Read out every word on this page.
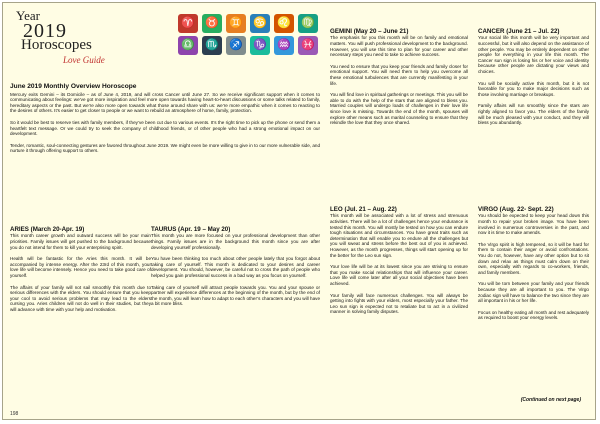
Year
2019
Horoscopes
Love Guide
♈ ♉ ♊ ♋ ♌ ♍
♎ ♏ ♐ ♑ ♒ ♓

June 2019 Monthly Overview Horoscope

Mercury exits Gemini – its Domicile – as of June 4, 2019, and will cross Cancer until June 27. So we receive significant support when it comes to communicating about feelings: we’ve got more inspiration and feel more open towards having heart-to-heart discussions or some talks related to family, hereditary aspects or the past. But we’re also more open towards what those around share with us: we’re more empathic when it comes to reacting to the desires of others. It’s easier to get closer to people or we want to rebuild an atmosphere of home, family, protection.

So it would be best to reserve ties with family members, if they’ve been cut due to various events. It’s the right time to pick up the phone or send them a heartfelt text message. Or we could try to seek the company of childhood friends, or of other people who had a strong emotional impact on our development.

Tender, romantic, soul-connecting gestures are favored throughout June 2019. We might even be more willing to give in to our more vulnerable side, and nurture it through offering support to others.

ARIES (March 20-Apr. 19)

This month career growth and outward success will be your main priorities. Family issues will get pushed to the background because you do not intend for them to kill your enterprising spirit.

Health will be fantastic for the Aries this month. It will be accompanied by intense energy. After the 23rd of this month, your love life will become intensely. Hence you need to take good care of yourself.

The affairs of your family will not sail smoothly this month due to serious differences with the elders. You should ensure that you keep your cool to avoid serious problems that may lead to the elders cursing you. Aries children will not do well in their studies, but they will advance with time with your help and motivation.

TAURUS (Apr. 19 – May 20)

This month you are more focused on your professional development than other things. Family issues are in the background this month since you are after developing yourself professionally.

You have been thinking too much about other people lately that you forgot about taking care of yourself. This month is dedicated to your desires and career development. You should, however, be careful not to cross the path of people who helped you gain professional success in a bad way as you focus on yourself.

Taking care of yourself will attract people towards you. You and your spouse or partner will experience differences at the beginning of the month, but by the end of the month, you will learn how to adapt to each other’s characters and you will have a bit more bliss.

GEMINI (May 20 – June 21)

The emphasis for you this month will be on family and emotional matters. You will push professional development to the background. However, you will use this time to plan for your career and other necessary steps you need to take to achieve success.

You need to ensure that you keep your friends and family closer for emotional support. You will need them to help you overcome all these emotional turbulences that are currently manifesting in your life.

You will find love in spiritual gatherings or meetings. This you will be able to do with the help of the stars that are aligned to bless you. Married couples will undergo loads of challenges in their love life since love is missing. Towards the end of the month, spouses will explore other means such as marital counseling to ensure that they rekindle the love that they once shared.

LEO (Jul. 21 – Aug. 22)

This month will be associated with a lot of stress and strenuous activities. There will be a lot of challenges hence your endurance is tested this month. You will mostly be tested on how you can endure tough situations and circumstances. You have great traits such as determination that will enable you to endure all the challenges but you will sweat and stress before the best out of you is achieved. However, as the month progresses, things will start opening up for the better for the Leo sun sign.

Your love life will be at its lowest since you are striving to ensure that you make social relationships that will influence your career. Love life will come later after all your social objectives have been achieved.

Your family will face numerous challenges. You will always be getting into fights with your elders, most especially your father. The Leo sun sign is expected not to retaliate but to act in a civilized manner in solving family disputes.

CANCER (June 21 – Jul. 22)

Your social life this month will be very important and successful, but it will also depend on the assistance of other people. You may be entirely dependent on other people for everything in your life this month. The Cancer sun sign is losing his or her voice and identity because other people are dictating your views and choices.

You will be socially active this month, but it is not favorable for you to make major decisions such as those involving marriage or breakups.

Family affairs will run smoothly since the stars are rightly aligned to favor you. The elders of the family will be much pleased with your conduct, and they will bless you abundantly.

VIRGO (Aug. 22- Sept. 22)

You should be expected to keep your head down this month to repair your broken image. You have been involved in numerous controversies in the past, and now it is time to make amends.

The Virgo spirit is high tempered, so it will be hard for them to contain their anger or avoid confrontations. You do not, however, have any other option but to sit down and relax as things must calm down on their own, especially with regards to co-workers, friends, and family members.

You will be torn between your family and your friends because they are all important to you. The Virgo zodiac sign will have to balance the two since they are all important in his or her life.

Focus on healthy eating all month and rest adequately as required to boost your energy levels.

(Continued on next page)
198
